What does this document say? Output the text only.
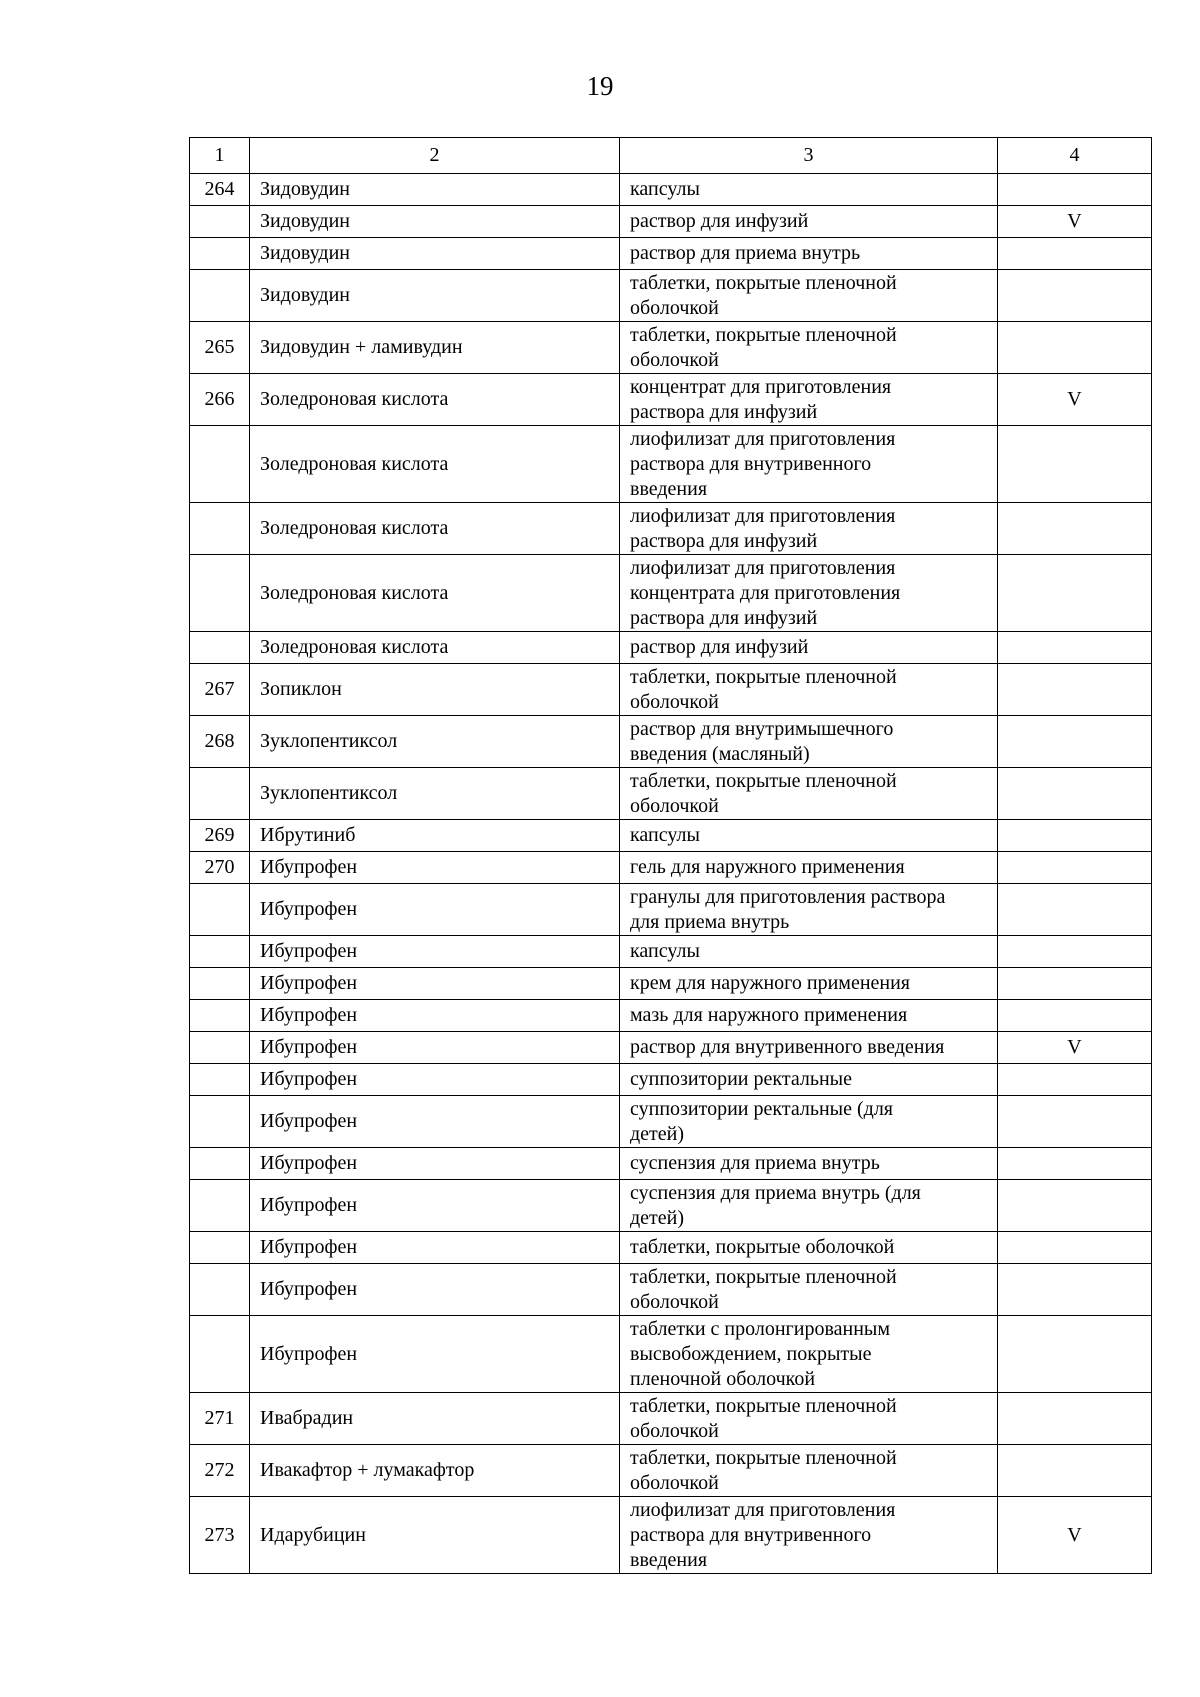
19
1	2	3	4
264	Зидовудин	капсулы	

	Зидовудин	раствор для инфузий	V
	Зидовудин	раствор для приема внутрь	

	Зидовудин	таблетки, покрытые пленочной
оболочкой	

265	Зидовудин + ламивудин	таблетки, покрытые пленочной
оболочкой	

266	Золедроновая кислота	концентрат для приготовления
раствора для инфузий	V
	Золедроновая кислота	лиофилизат для приготовления
раствора для внутривенного
введения	

	Золедроновая кислота	лиофилизат для приготовления
раствора для инфузий	

	Золедроновая кислота	лиофилизат для приготовления
концентрата для приготовления
раствора для инфузий	

	Золедроновая кислота	раствор для инфузий	

267	Зопиклон	таблетки, покрытые пленочной
оболочкой	

268	Зуклопентиксол	раствор для внутримышечного
введения (масляный)	

	Зуклопентиксол	таблетки, покрытые пленочной
оболочкой	

269	Ибрутиниб	капсулы	

270	Ибупрофен	гель для наружного применения	

	Ибупрофен	гранулы для приготовления раствора
для приема внутрь	

	Ибупрофен	капсулы	

	Ибупрофен	крем для наружного применения	

	Ибупрофен	мазь для наружного применения	

	Ибупрофен	раствор для внутривенного введения	V
	Ибупрофен	суппозитории ректальные	

	Ибупрофен	суппозитории ректальные (для
детей)	

	Ибупрофен	суспензия для приема внутрь	

	Ибупрофен	суспензия для приема внутрь (для
детей)	

	Ибупрофен	таблетки, покрытые оболочкой	

	Ибупрофен	таблетки, покрытые пленочной
оболочкой	

	Ибупрофен	таблетки с пролонгированным
высвобождением, покрытые
пленочной оболочкой	

271	Ивабрадин	таблетки, покрытые пленочной
оболочкой	

272	Ивакафтор + лумакафтор	таблетки, покрытые пленочной
оболочкой	

273	Идарубицин	лиофилизат для приготовления
раствора для внутривенного
введения	V
